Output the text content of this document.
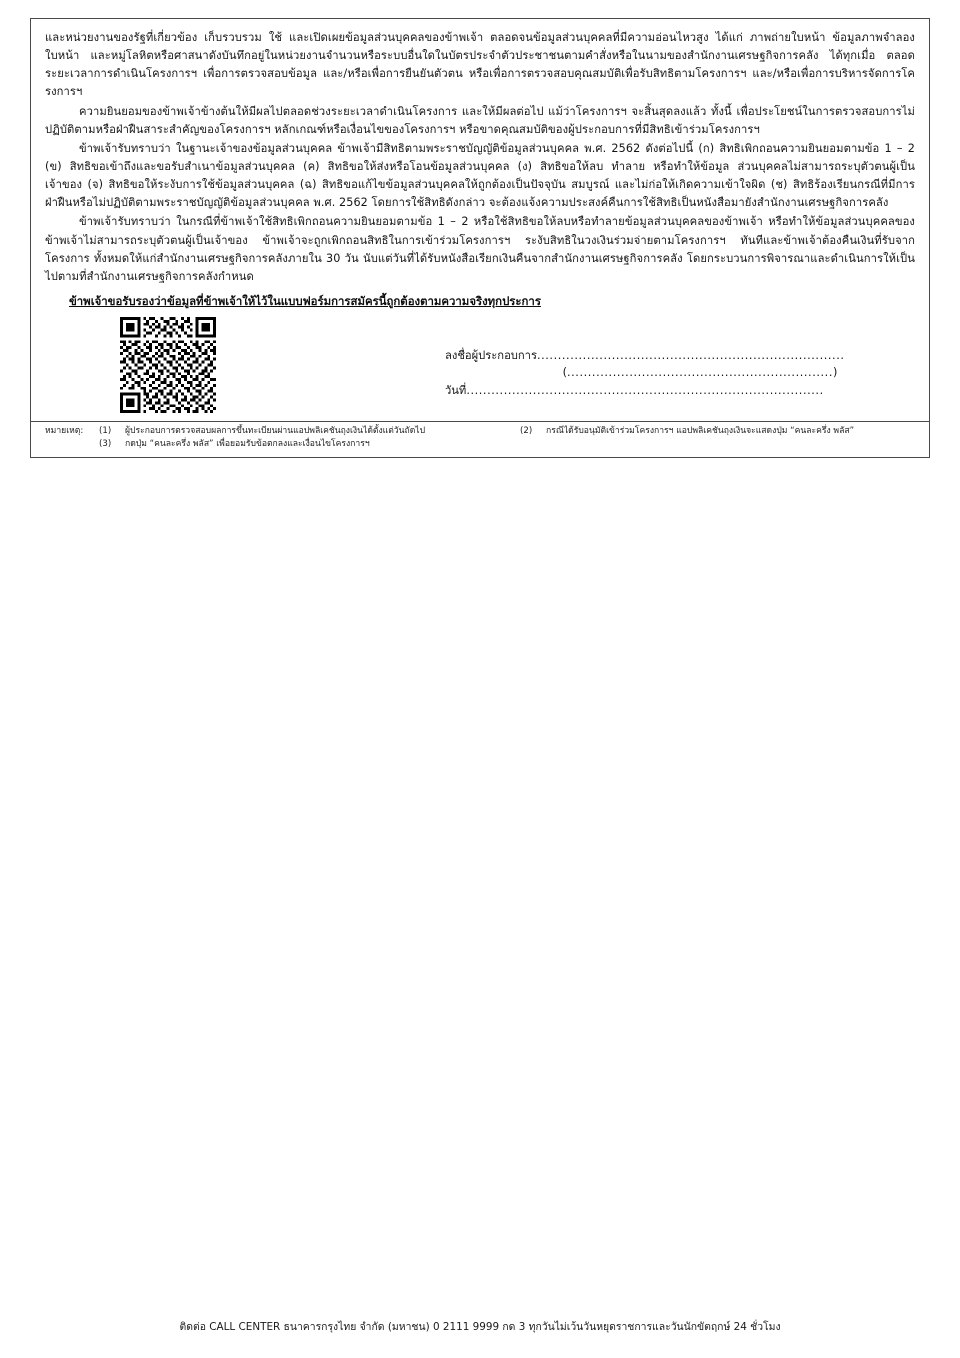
และหน่วยงานของรัฐที่เกี่ยวข้อง เก็บรวบรวม ใช้ และเปิดเผยข้อมูลส่วนบุคคลของข้าพเจ้า ตลอดจนข้อมูลส่วนบุคคลที่มีความอ่อนไหวสูง ได้แก่ ภาพถ่ายใบหน้า ข้อมูลภาพจำลองใบหน้า และหมู่โลหิตหรือศาสนาดังบันทึกอยู่ในหน่วยงานจำนวนหรือระบบอื่นใดในบัตรประจำตัวประชาชนตามคำสั่งหรือในนามของสำนักงานเศรษฐกิจการคลัง ได้ทุกเมื่อ ตลอดระยะเวลาการดำเนินโครงการฯ เพื่อการตรวจสอบข้อมูล และ/หรือเพื่อการยืนยันตัวตน หรือเพื่อการตรวจสอบคุณสมบัติเพื่อรับสิทธิตามโครงการฯ และ/หรือเพื่อการบริหารจัดการโครงการฯ

ความยินยอมของข้าพเจ้าข้างต้นให้มีผลไปตลอดช่วงระยะเวลาดำเนินโครงการ และให้มีผลต่อไป แม้ว่าโครงการฯ จะสิ้นสุดลงแล้ว ทั้งนี้ เพื่อประโยชน์ในการตรวจสอบการไม่ปฏิบัติตามหรือฝ่าฝืนสาระสำคัญของโครงการฯ หลักเกณฑ์หรือเงื่อนไขของโครงการฯ หรือขาดคุณสมบัติของผู้ประกอบการที่มีสิทธิเข้าร่วมโครงการฯ

ข้าพเจ้ารับทราบว่า ในฐานะเจ้าของข้อมูลส่วนบุคคล ข้าพเจ้ามีสิทธิตามพระราชบัญญัติข้อมูลส่วนบุคคล พ.ศ. 2562 ดังต่อไปนี้ (ก) สิทธิเพิกถอนความยินยอมตามข้อ 1 – 2 (ข) สิทธิขอเข้าถึงและขอรับสำเนาข้อมูลส่วนบุคคล (ค) สิทธิขอให้ส่งหรือโอนข้อมูลส่วนบุคคล (ง) สิทธิขอให้ลบ ทำลาย หรือทำให้ข้อมูล ส่วนบุคคลไม่สามารถระบุตัวตนผู้เป็นเจ้าของ (จ) สิทธิขอให้ระงับการใช้ข้อมูลส่วนบุคคล (ฉ) สิทธิขอแก้ไขข้อมูลส่วนบุคคลให้ถูกต้องเป็นปัจจุบัน สมบูรณ์ และไม่ก่อให้เกิดความเข้าใจผิด (ช) สิทธิร้องเรียนกรณีที่มีการฝ่าฝืนหรือไม่ปฏิบัติตามพระราชบัญญัติข้อมูลส่วนบุคคล พ.ศ. 2562 โดยการใช้สิทธิดังกล่าว จะต้องแจ้งความประสงค์คืนการใช้สิทธิเป็นหนังสือมายังสำนักงานเศรษฐกิจการคลัง

ข้าพเจ้ารับทราบว่า ในกรณีที่ข้าพเจ้าใช้สิทธิเพิกถอนความยินยอมตามข้อ 1 – 2 หรือใช้สิทธิขอให้ลบหรือทำลายข้อมูลส่วนบุคคลของข้าพเจ้า หรือทำให้ข้อมูลส่วนบุคคลของข้าพเจ้าไม่สามารถระบุตัวตนผู้เป็นเจ้าของ ข้าพเจ้าจะถูกเพิกถอนสิทธิในการเข้าร่วมโครงการฯ ระงับสิทธิในวงเงินร่วมจ่ายตามโครงการฯ ทันทีและข้าพเจ้าต้องคืนเงินที่รับจากโครงการ ทั้งหมดให้แก่สำนักงานเศรษฐกิจการคลังภายใน 30 วัน นับแต่วันที่ได้รับหนังสือเรียกเงินคืนจากสำนักงานเศรษฐกิจการคลัง โดยกระบวนการพิจารณาและดำเนินการให้เป็นไปตามที่สำนักงานเศรษฐกิจการคลังกำหนด

ข้าพเจ้าขอรับรองว่าข้อมูลที่ข้าพเจ้าให้ไว้ในแบบฟอร์มการสมัครนี้ถูกต้องตามความจริงทุกประการ
ลงชื่อผู้ประกอบการ ..........................................................................
( ................................................................ )
วันที่ ......................................................................................
หมายเหตุ:	(1)	ผู้ประกอบการตรวจสอบผลการขึ้นทะเบียนผ่านแอปพลิเคชันถุงเงินได้ตั้งแต่วันถัดไป	(2)	กรณีได้รับอนุมัติเข้าร่วมโครงการฯ แอปพลิเคชันถุงเงินจะแสดงปุ่ม “คนละครึ่ง พลัส”
(3)	กดปุ่ม “คนละครึ่ง พลัส” เพื่อยอมรับข้อตกลงและเงื่อนไขโครงการฯ
ติดต่อ CALL CENTER ธนาคารกรุงไทย จำกัด (มหาชน) 0 2111 9999 กด 3 ทุกวันไม่เว้นวันหยุดราชการและวันนักขัตฤกษ์ 24 ชั่วโมง
